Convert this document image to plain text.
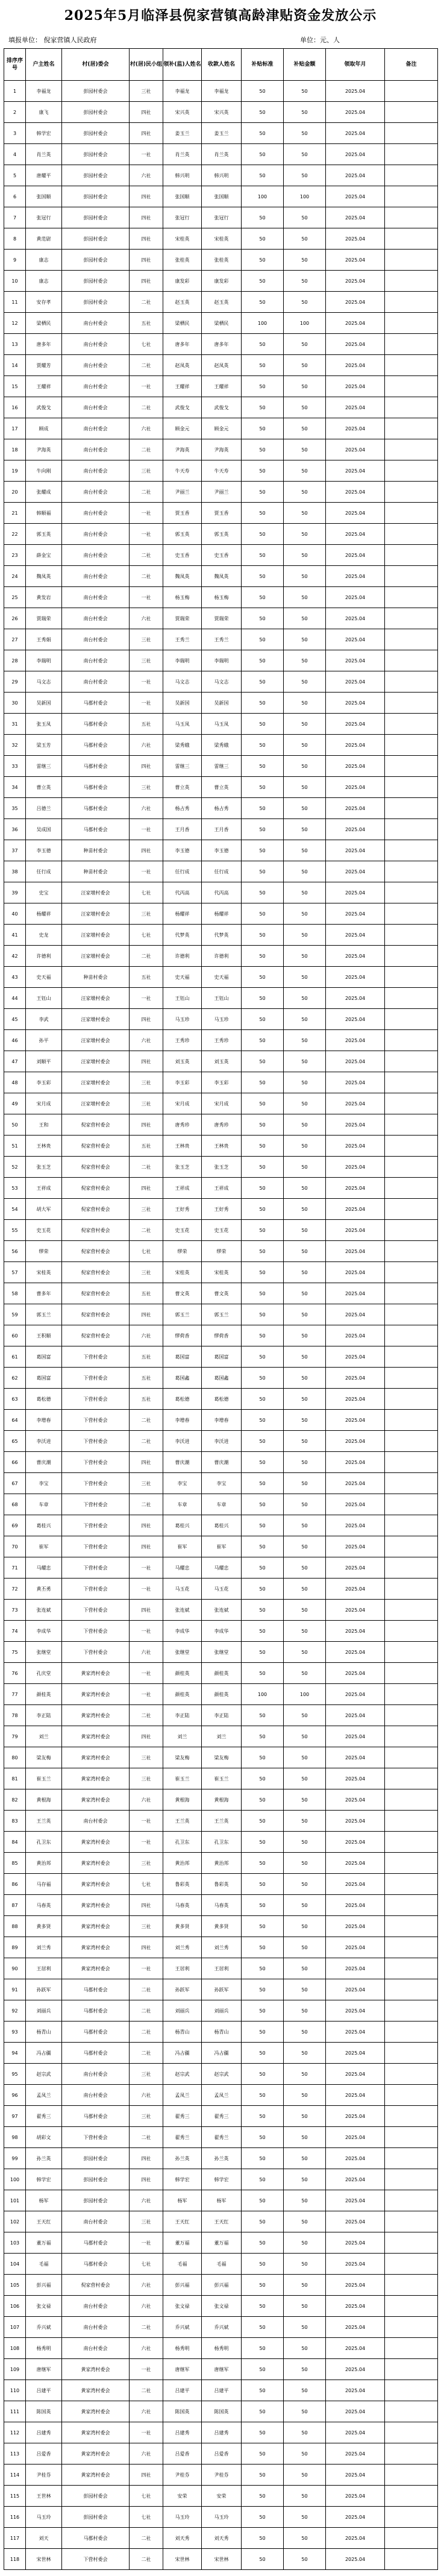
2025年5月临泽县倪家营镇高龄津贴资金发放公示
填报单位： 倪家营镇人民政府	单位：元、人
排序序号	户主姓名	村(居)委会	村(居)民小组	领补(监)人姓名	收款人姓名	补贴标准	补贴金额	领取年月	备注
1	李福龙	彭园村委会	三社	李福龙	李福龙	50	50	2025.04	
2	康飞	彭园村委会	四社	宋兴英	宋兴英	50	50	2025.04	
3	韩学宏	彭园村委会	四社	姜玉兰	姜玉兰	50	50	2025.04	
4	肖兰英	彭园村委会	一社	肖兰英	肖兰英	50	50	2025.04	
5	唐耀平	彭园村委会	六社	韩兴明	韩兴明	50	50	2025.04	
6	张国顺	彭园村委会	四社	张国顺	张国顺	100	100	2025.04	
7	张冠行	彭园村委会	四社	张冠行	张冠行	50	50	2025.04	
8	黄范尉	彭园村委会	四社	宋桂英	宋桂英	50	50	2025.04	
9	康志	彭园村委会	四社	张桂英	张桂英	50	50	2025.04	
10	康志	彭园村委会	四社	康发彩	康发彩	50	50	2025.04	
11	安存孝	彭园村委会	二社	赵玉英	赵玉英	50	50	2025.04	
12	梁栖民	南台村委会	五社	梁栖民	梁栖民	100	100	2025.04	
13	唐多年	南台村委会	七社	唐多年	唐多年	50	50	2025.04	
14	贾耀芳	南台村委会	二社	赵凤英	赵凤英	50	50	2025.04	
15	王耀祥	南台村委会	一社	王耀祥	王耀祥	50	50	2025.04	
16	武俊戈	南台村委会	二社	武俊戈	武俊戈	50	50	2025.04	
17	顾成	南台村委会	六社	顾金元	顾金元	50	50	2025.04	
18	尹海英	南台村委会	二社	尹海英	尹海英	50	50	2025.04	
19	牛向刚	南台村委会	三社	牛天寿	牛天寿	50	50	2025.04	
20	张耀成	南台村委会	二社	尹丽兰	尹丽兰	50	50	2025.04	
21	韩顺福	南台村委会	一社	贾玉香	贾玉香	50	50	2025.04	
22	郭玉英	南台村委会	一社	郭玉英	郭玉英	50	50	2025.04	
23	薛金宝	南台村委会	二社	史玉香	史玉香	50	50	2025.04	
24	魏凤英	南台村委会	二社	魏凤英	魏凤英	50	50	2025.04	
25	黄发岩	南台村委会	一社	杨玉梅	杨玉梅	50	50	2025.04	
26	贾瑞荣	南台村委会	六社	贾瑞荣	贾瑞荣	50	50	2025.04	
27	王秀娟	南台村委会	三社	王秀兰	王秀兰	50	50	2025.04	
28	李瑞明	南台村委会	三社	李瑞明	李瑞明	50	50	2025.04	
29	马文志	南台村委会	一社	马文志	马文志	50	50	2025.04	
30	吴新国	马郡村委会	一社	吴新国	吴新国	50	50	2025.04	
31	张玉凤	马郡村委会	五社	马玉凤	马玉凤	50	50	2025.04	
32	梁玉芳	马郡村委会	六社	梁秀娥	梁秀娥	50	50	2025.04	
33	雷继三	马郡村委会	四社	雷继三	雷继三	50	50	2025.04	
34	曹立英	马郡村委会	三社	曹立英	曹立英	50	50	2025.04	
35	吕德兰	马郡村委会	六社	杨占秀	杨占秀	50	50	2025.04	
36	吴成国	马郡村委会	一社	王月香	王月香	50	50	2025.04	
37	李玉德	种苗村委会	四社	李玉德	李玉德	50	50	2025.04	
38	任行成	种苗村委会	一社	任行成	任行成	50	50	2025.04	
39	史宝	汪家墩村委会	七社	代丙高	代丙高	50	50	2025.04	
40	杨耀祥	汪家墩村委会	三社	杨耀祥	杨耀祥	50	50	2025.04	
41	史龙	汪家墩村委会	七社	代梦英	代梦英	50	50	2025.04	
42	许德利	汪家墩村委会	二社	许德利	许德利	50	50	2025.04	
43	史天福	种苗村委会	五社	史天福	史天福	50	50	2025.04	
44	王钰山	汪家墩村委会	一社	王钰山	王钰山	50	50	2025.04	
45	李武	汪家墩村委会	四社	马玉珍	马玉珍	50	50	2025.04	
46	孙平	汪家墩村委会	六社	王秀珍	王秀珍	50	50	2025.04	
47	刘顺平	汪家墩村委会	四社	刘玉英	刘玉英	50	50	2025.04	
48	李玉彩	汪家墩村委会	三社	李玉彩	李玉彩	50	50	2025.04	
49	宋月成	汪家墩村委会	三社	宋月成	宋月成	50	50	2025.04	
50	王和	倪家营村委会	四社	唐秀珍	唐秀珍	50	50	2025.04	
51	王林贵	倪家营村委会	五社	王林贵	王林贵	50	50	2025.04	
52	张玉芝	倪家营村委会	二社	张玉芝	张玉芝	50	50	2025.04	
53	王祥成	倪家营村委会	四社	王祥成	王祥成	50	50	2025.04	
54	胡大军	倪家营村委会	三社	王好秀	王好秀	50	50	2025.04	
55	史玉花	倪家营村委会	二社	史玉花	史玉花	50	50	2025.04	
56	缪荣	倪家营村委会	七社	缪荣	缪荣	50	50	2025.04	
57	宋桂英	倪家营村委会	三社	宋桂英	宋桂英	50	50	2025.04	
58	曹多年	倪家营村委会	五社	曹文英	曹文英	50	50	2025.04	
59	郭玉兰	倪家营村委会	四社	郭玉兰	郭玉兰	50	50	2025.04	
60	王积顺	倪家营村委会	六社	缪荷香	缪荷香	50	50	2025.04	
61	葛国富	下营村委会	五社	葛国富	葛国富	50	50	2025.04	
62	葛国富	下营村委会	五社	葛国鑫	葛国鑫	50	50	2025.04	
63	葛松德	下营村委会	五社	葛松德	葛松德	50	50	2025.04	
64	李增春	下营村委会	二社	李增春	李增春	50	50	2025.04	
65	李沃进	下营村委会	二社	李沃进	李沃进	50	50	2025.04	
66	曹庆潮	下营村委会	四社	曹庆潮	曹庆潮	50	50	2025.04	
67	李宝	下营村委会	三社	李宝	李宝	50	50	2025.04	
68	车章	下营村委会	二社	车章	车章	50	50	2025.04	
69	葛桂兴	下营村委会	四社	葛桂兴	葛桂兴	50	50	2025.04	
70	崔军	下营村委会	四社	崔军	崔军	50	50	2025.04	
71	马耀忠	下营村委会	一社	马耀忠	马耀忠	50	50	2025.04	
72	黄丕勇	下营村委会	一社	马玉花	马玉花	50	50	2025.04	
73	张连斌	下营村委会	四社	张连斌	张连斌	50	50	2025.04	
74	李成华	下营村委会	一社	李成华	李成华	50	50	2025.04	
75	张继堂	下营村委会	六社	张继堂	张继堂	50	50	2025.04	
76	孔庆堂	黄家湾村委会	一社	颜桂英	颜桂英	50	50	2025.04	
77	颜桂英	黄家湾村委会	一社	颜桂英	颜桂英	100	100	2025.04	
78	李正陆	黄家湾村委会	二社	李正陆	李正陆	50	50	2025.04	
79	刘兰	黄家湾村委会	四社	刘兰	刘兰	50	50	2025.04	
80	梁友梅	黄家湾村委会	三社	梁友梅	梁友梅	50	50	2025.04	
81	崔玉兰	黄家湾村委会	三社	崔玉兰	崔玉兰	50	50	2025.04	
82	黄根海	黄家湾村委会	六社	黄根海	黄根海	50	50	2025.04	
83	王兰英	南台村委会	一社	王兰英	王兰英	50	50	2025.04	
84	孔卫东	黄家湾村委会	一社	孔卫东	孔卫东	50	50	2025.04	
85	黄治邦	黄家湾村委会	三社	黄治邦	黄治邦	50	50	2025.04	
86	马存福	黄家湾村委会	七社	鲁彩英	鲁彩英	50	50	2025.04	
87	马春英	黄家湾村委会	四社	马春英	马春英	50	50	2025.04	
88	黄多贤	黄家湾村委会	三社	黄多贤	黄多贤	50	50	2025.04	
89	刘兰秀	黄家湾村委会	四社	刘兰秀	刘兰秀	50	50	2025.04	
90	王居利	黄家湾村委会	一社	王居利	王居利	50	50	2025.04	
91	孙跃军	马郡村委会	二社	孙跃军	孙跃军	50	50	2025.04	
92	刘丽兵	马郡村委会	二社	刘丽兵	刘丽兵	50	50	2025.04	
93	杨青山	马郡村委会	二社	杨青山	杨青山	50	50	2025.04	
94	冯占疆	马郡村委会	二社	冯占疆	冯占疆	50	50	2025.04	
95	赵宗武	南台村委会	三社	赵宗武	赵宗武	50	50	2025.04	
96	孟凤兰	南台村委会	六社	孟凤兰	孟凤兰	50	50	2025.04	
97	翟秀三	马郡村委会	三社	翟秀三	翟秀三	50	50	2025.04	
98	胡彩文	下营村委会	二社	翟秀兰	翟秀兰	50	50	2025.04	
99	孙兰英	彭园村委会	四社	孙兰英	孙兰英	50	50	2025.04	
100	韩学宏	彭园村委会	四社	韩学宏	韩学宏	50	50	2025.04	
101	杨军	彭园村委会	六社	杨军	杨军	50	50	2025.04	
102	王天红	南台村委会	三社	王天红	王天红	50	50	2025.04	
103	董万福	马郡村委会	一社	董万福	董万福	50	50	2025.04	
104	毛福	马郡村委会	七社	毛福	毛福	50	50	2025.04	
105	彭兴福	倪家营村委会	六社	彭兴福	彭兴福	50	50	2025.04	
106	张文禄	南台村委会	六社	张文禄	张文禄	50	50	2025.04	
107	乔兴斌	南台村委会	二社	乔兴斌	乔兴斌	50	50	2025.04	
108	杨秀明	南台村委会	六社	杨秀明	杨秀明	50	50	2025.04	
109	唐继军	黄家湾村委会	一社	唐继军	唐继军	50	50	2025.04	
110	吕建平	黄家湾村委会	二社	吕建平	吕建平	50	50	2025.04	
111	陈国英	黄家湾村委会	六社	陈国英	陈国英	50	50	2025.04	
112	吕建秀	黄家湾村委会	一社	吕建秀	吕建秀	50	50	2025.04	
113	吕爱香	黄家湾村委会	六社	吕爱香	吕爱香	50	50	2025.04	
114	尹桂芬	黄家湾村委会	四社	尹桂芬	尹桂芬	50	50	2025.04	
115	王世林	彭园村委会	七社	安荣	安荣	50	50	2025.04	
116	马玉玲	彭园村委会	七社	马玉玲	马玉玲	50	50	2025.04	
117	刘天	马郡村委会	二社	刘天秀	刘天秀	50	50	2025.04	
118	宋世林	下营村委会	二社	宋世林	宋世林	50	50	2025.04	
